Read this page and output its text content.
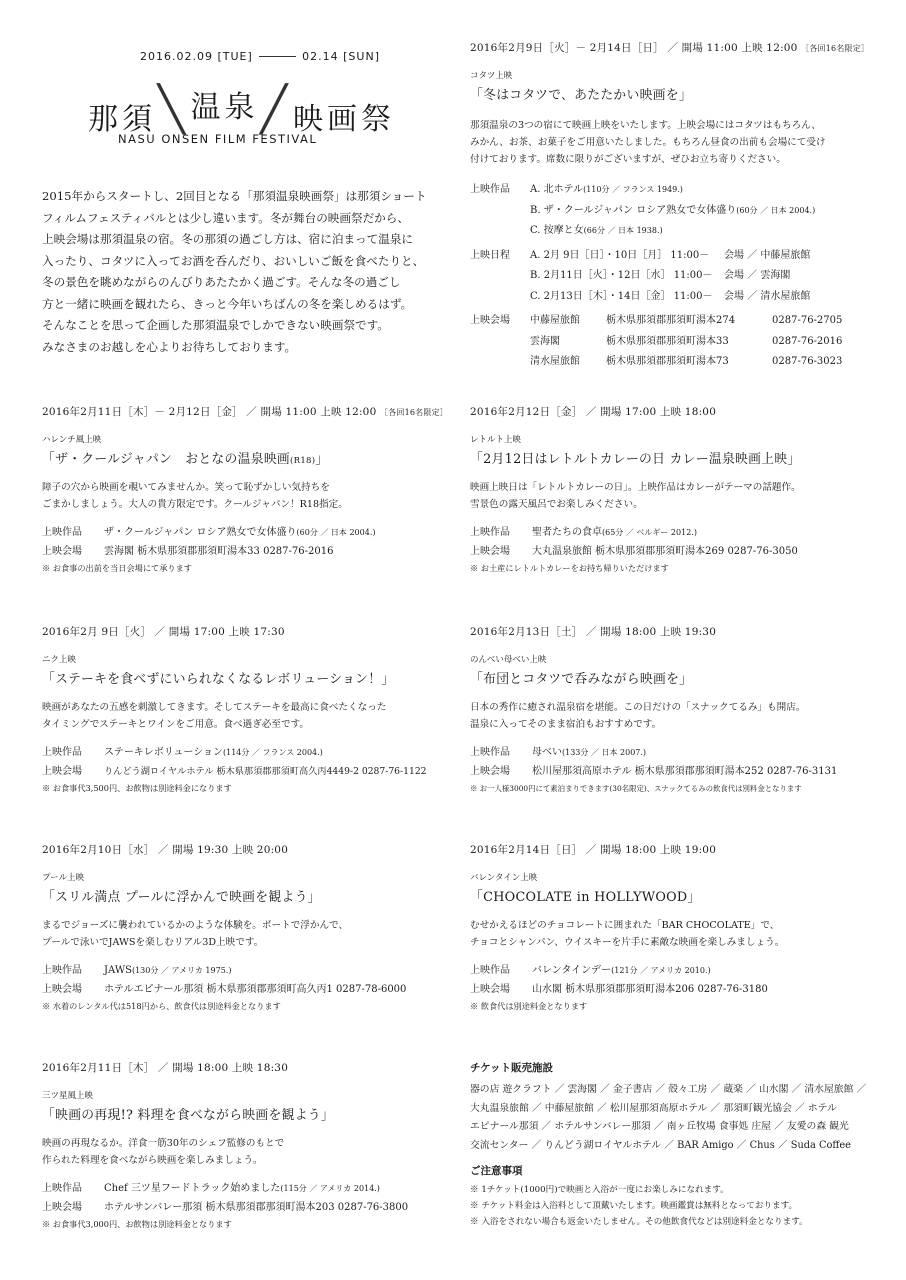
2016.02.09 [TUE]	02.14 [SUN]
那須 ╲ 温泉 ╱ 映画祭
NASU ONSEN FILM FESTIVAL

2015年からスタートし、2回目となる「那須温泉映画祭」は那須ショート

フィルムフェスティバルとは少し違います。冬が舞台の映画祭だから、

上映会場は那須温泉の宿。冬の那須の過ごし方は、宿に泊まって温泉に

入ったり、コタツに入ってお酒を呑んだり、おいしいご飯を食べたりと、

冬の景色を眺めながらのんびりあたたかく過ごす。そんな冬の過ごし

方と一緒に映画を観れたら、きっと今年いちばんの冬を楽しめるはず。

そんなことを思って企画した那須温泉でしかできない映画祭です。

みなさまのお越しを心よりお待ちしております。

2016年2月9日［火］－ 2月14日［日］ ／ 開場 11:00 上映 12:00 ［各回16名限定］
コタツ上映
「冬はコタツで、あたたかい映画を」

那須温泉の3つの宿にて映画上映をいたします。上映会場にはコタツはもちろん、

みかん、お茶、お菓子をご用意いたしました。もちろん昼食の出前も会場にて受け

付けております。席数に限りがございますが、ぜひお立ち寄りください。

上映作品 A. 北ホテル(110分 ／ フランス 1949.)
B. ザ・クールジャパン ロシア熟女で女体盛り(60分 ／ 日本 2004.)
C. 按摩と女(66分 ／ 日本 1938.)
上映日程 A. 2月 9日［日］・10日［月］ 11:00－ 会場 ／ 中藤屋旅館
B. 2月11日［火］・12日［水］ 11:00－ 会場 ／ 雲海閣
C. 2月13日［木］・14日［金］ 11:00－ 会場 ／ 清水屋旅館
上映会場 中藤屋旅館	栃木県那須郡那須町湯本274	0287-76-2705
雲海閣	栃木県那須郡那須町湯本33	0287-76-2016
清水屋旅館	栃木県那須郡那須町湯本73	0287-76-3023
2016年2月11日［木］－ 2月12日［金］ ／ 開場 11:00 上映 12:00 ［各回16名限定］
ハレンチ風上映
「ザ・クールジャパン　おとなの温泉映画(R18)」

障子の穴から映画を覗いてみませんか。笑って恥ずかしい気持ちを

ごまかしましょう。大人の貴方限定です。クールジャパン！R18指定。

上映作品 ザ・クールジャパン ロシア熟女で女体盛り(60分 ／ 日本 2004.)
上映会場 雲海閣 栃木県那須郡那須町湯本33 0287-76-2016
※ お食事の出前を当日会場にて承ります
2016年2月12日［金］ ／ 開場 17:00 上映 18:00
レトルト上映
「2月12日はレトルトカレーの日 カレー温泉映画上映」

映画上映日は「レトルトカレーの日」。上映作品はカレーがテーマの話題作。

雪景色の露天風呂でお楽しみください。

上映作品 聖者たちの食卓(65分 ／ ベルギー 2012.)
上映会場 大丸温泉旅館 栃木県那須郡那須町湯本269 0287-76-3050
※ お土産にレトルトカレーをお持ち帰りいただけます
2016年2月 9日［火］ ／ 開場 17:00 上映 17:30
ニク上映
「ステーキを食べずにいられなくなるレボリューション！」

映画があなたの五感を刺激してきます。そしてステーキを最高に食べたくなった

タイミングでステーキとワインをご用意。食べ過ぎ必至です。

上映作品 ステーキレボリューション(114分 ／ フランス 2004.)
上映会場 りんどう湖ロイヤルホテル 栃木県那須郡那須町高久丙4449-2 0287-76-1122
※ お食事代3,500円、お飲物は別途料金になります
2016年2月13日［土］ ／ 開場 18:00 上映 19:30
のんべい母べい上映
「布団とコタツで呑みながら映画を」

日本の秀作に癒され温泉宿を堪能。この日だけの「スナックてるみ」も開店。

温泉に入ってそのまま宿泊もおすすめです。

上映作品 母べい(133分 ／ 日本 2007.)
上映会場 松川屋那須高原ホテル 栃木県那須郡那須町湯本252 0287-76-3131
※ お一人様3000円にて素泊まりできます(30名限定)、スナックてるみの飲食代は別料金となります
2016年2月10日［水］ ／ 開場 19:30 上映 20:00
プール上映
「スリル満点 プールに浮かんで映画を観よう」

まるでジョーズに襲われているかのような体験を。ボートで浮かんで、

プールで泳いでJAWSを楽しむリアル3D上映です。

上映作品 JAWS(130分 ／ アメリカ 1975.)
上映会場 ホテルエピナール那須 栃木県那須郡那須町高久丙1 0287-78-6000
※ 水着のレンタル代は518円から、飲食代は別途料金となります
2016年2月14日［日］ ／ 開場 18:00 上映 19:00
バレンタイン上映
「CHOCOLATE in HOLLYWOOD」

むせかえるほどのチョコレートに囲まれた「BAR CHOCOLATE」で、

チョコとシャンパン、ウイスキーを片手に素敵な映画を楽しみましょう。

上映作品 バレンタインデー(121分 ／ アメリカ 2010.)
上映会場 山水閣 栃木県那須郡那須町湯本206 0287-76-3180
※ 飲食代は別途料金となります
2016年2月11日［木］ ／ 開場 18:00 上映 18:30
三ツ星風上映
「映画の再現!? 料理を食べながら映画を観よう」

映画の再現なるか。洋食一筋30年のシェフ監修のもとで

作られた料理を食べながら映画を楽しみましょう。

上映作品 Chef 三ツ星フードトラック始めました(115分 ／ アメリカ 2014.)
上映会場 ホテルサンバレー那須 栃木県那須郡那須町湯本203 0287-76-3800
※ お食事代3,000円、お飲物は別途料金となります
チケット販売施設

器の店 遊クラフト ／ 雲海閣 ／ 金子書店 ／ 殻々工房 ／ 蔵楽 ／ 山水閣 ／ 清水屋旅館 ／

大丸温泉旅館 ／ 中藤屋旅館 ／ 松川屋那須高原ホテル ／ 那須町観光協会 ／ ホテル

エピナール那須 ／ ホテルサンバレー那須 ／ 南ヶ丘牧場 食事処 庄屋 ／ 友愛の森 観光

交流センター ／ りんどう湖ロイヤルホテル ／ BAR Amigo ／ Chus ／ Suda Coffee

ご注意事項

※ 1チケット(1000円)で映画と入浴が一度にお楽しみになれます。

※ チケット料金は入浴料として頂戴いたします。映画鑑賞は無料となっております。

※ 入浴をされない場合も返金いたしません。その他飲食代などは別途料金となります。
